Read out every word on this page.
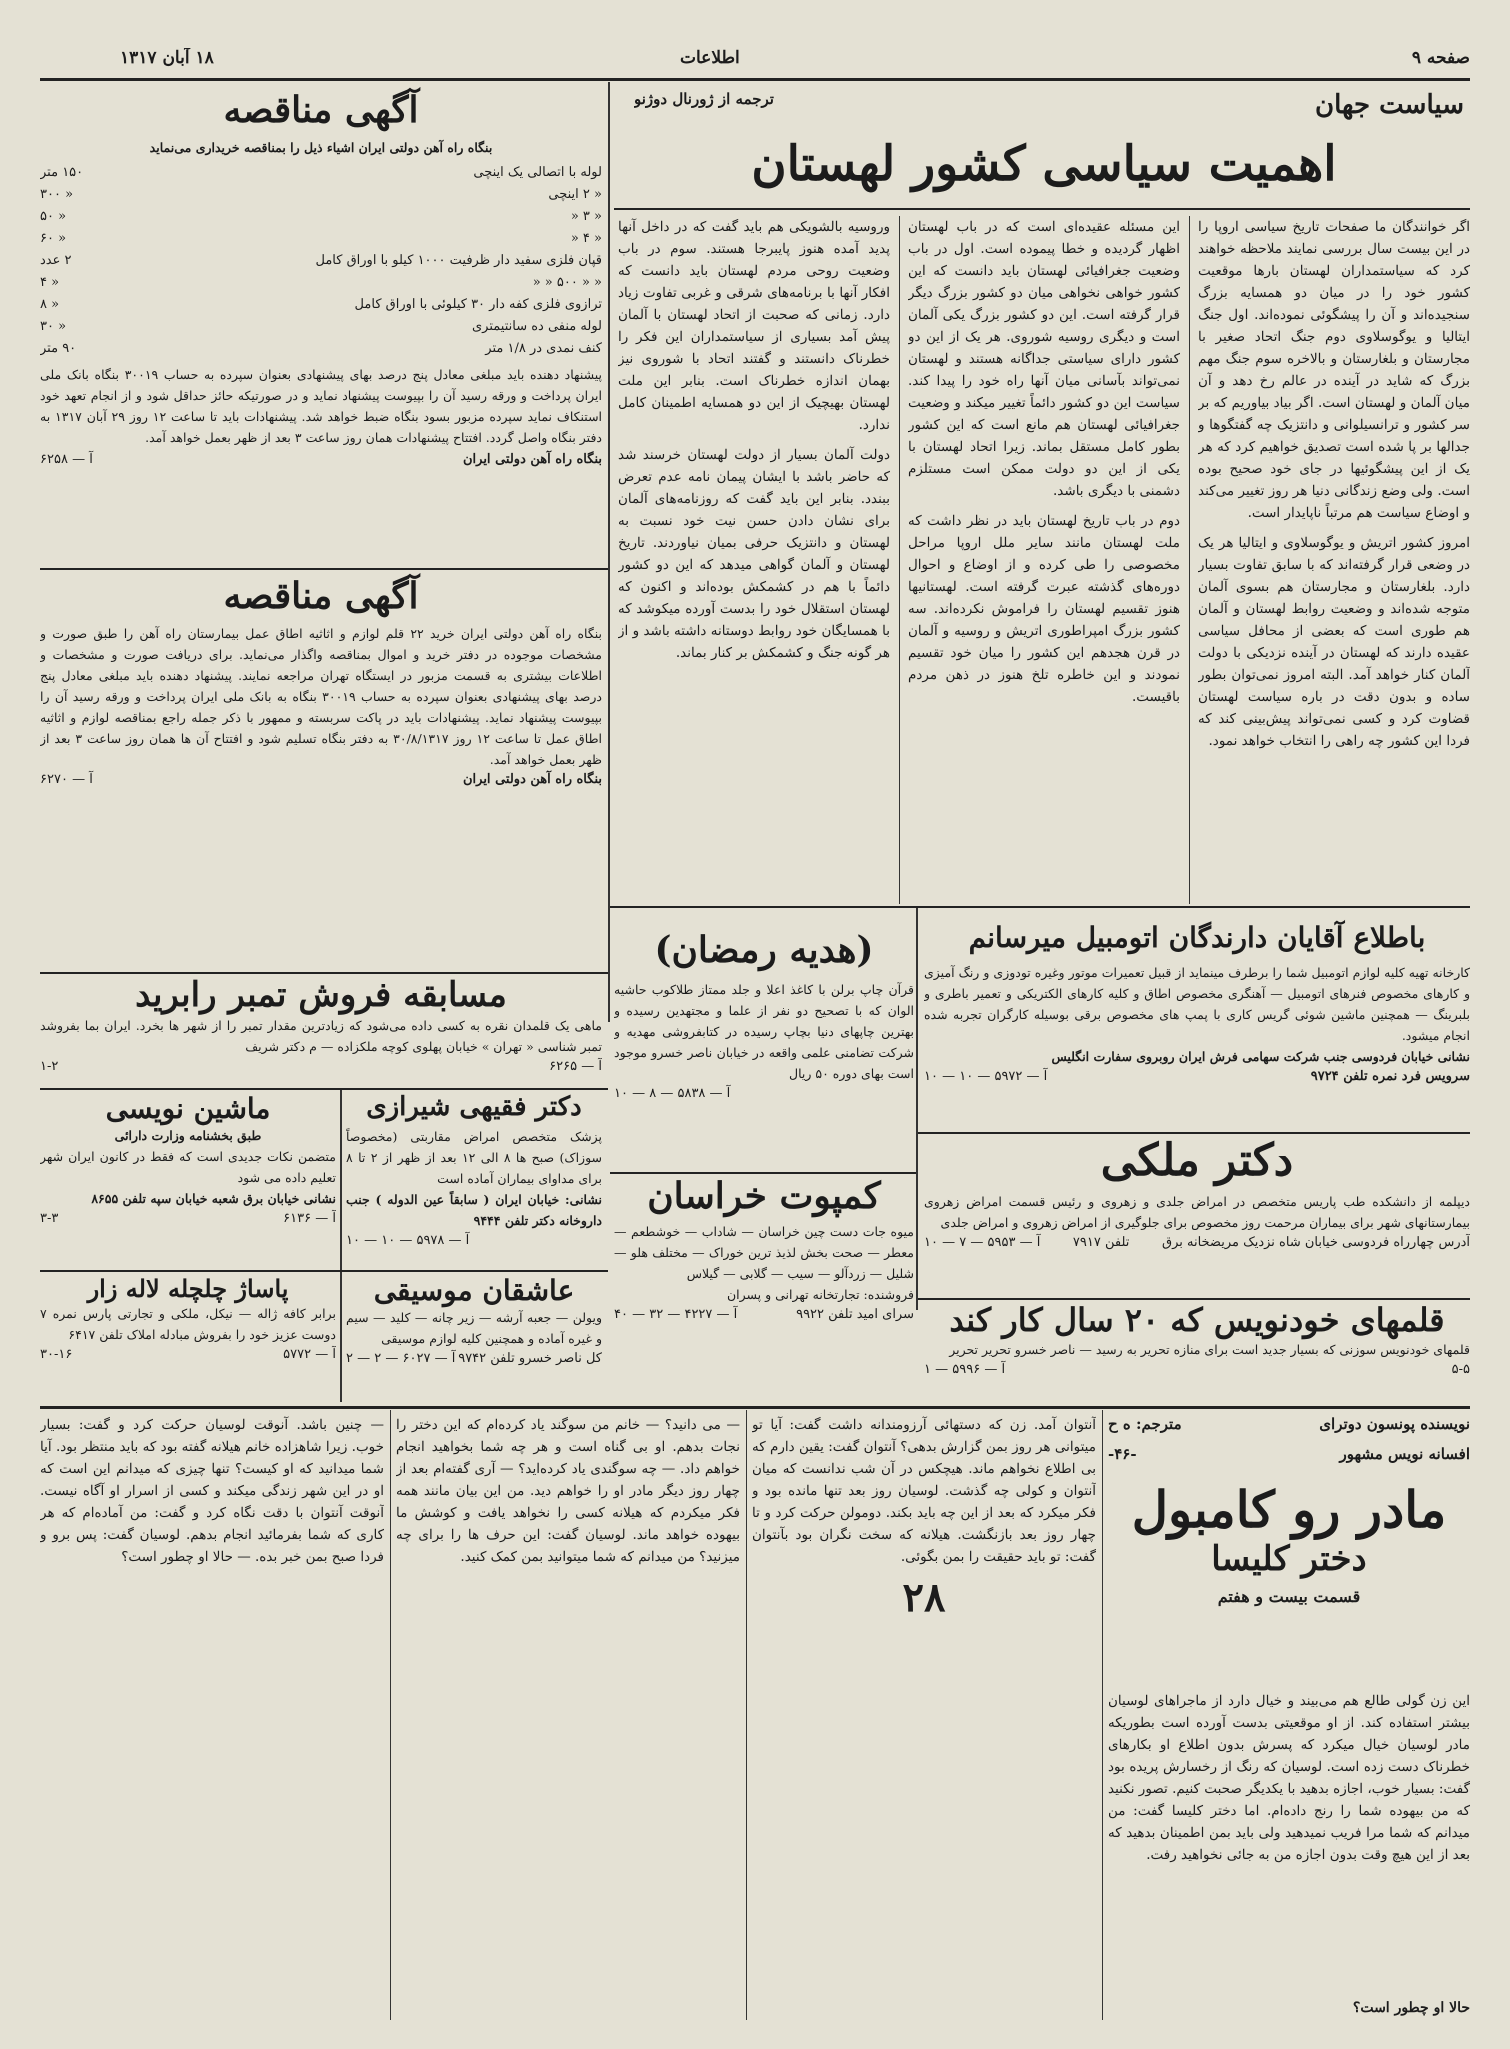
صفحه ۹
اطلاعات
۱۸ آبان ۱۳۱۷
سیاست جهان
ترجمه از ژورنال دوژنو
اهمیت سیاسی کشور لهستان

اگر خوانندگان ما صفحات تاریخ سیاسی اروپا را در این بیست سال بررسی نمایند ملاحظه خواهند کرد که سیاستمداران لهستان بارها موقعیت کشور خود را در میان دو همسایه بزرگ سنجیده‌اند و آن را پیشگوئی نموده‌اند. اول جنگ ایتالیا و یوگوسلاوی دوم جنگ اتحاد صغیر با مجارستان و بلغارستان و بالاخره سوم جنگ مهم بزرگ که شاید در آینده در عالم رخ دهد و آن میان آلمان و لهستان است. اگر بیاد بیاوریم که بر سر کشور و ترانسیلوانی و دانتزیک چه گفتگوها و جدالها بر پا شده است تصدیق خواهیم کرد که هر یک از این پیشگوئیها در جای خود صحیح بوده است. ولی وضع زندگانی دنیا هر روز تغییر می‌کند و اوضاع سیاست هم مرتباً ناپایدار است.

امروز کشور اتریش و یوگوسلاوی و ایتالیا هر یک در وضعی قرار گرفته‌اند که با سابق تفاوت بسیار دارد. بلغارستان و مجارستان هم بسوی آلمان متوجه شده‌اند و وضعیت روابط لهستان و آلمان هم طوری است که بعضی از محافل سیاسی عقیده دارند که لهستان در آینده نزدیکی با دولت آلمان کنار خواهد آمد. البته امروز نمی‌توان بطور ساده و بدون دقت در باره سیاست لهستان قضاوت کرد و کسی نمی‌تواند پیش‌بینی کند که فردا این کشور چه راهی را انتخاب خواهد نمود.

این مسئله عقیده‌ای است که در باب لهستان اظهار گردیده و خطا پیموده است. اول در باب وضعیت جغرافیائی لهستان باید دانست که این کشور خواهی نخواهی میان دو کشور بزرگ دیگر قرار گرفته است. این دو کشور بزرگ یکی آلمان است و دیگری روسیه شوروی. هر یک از این دو کشور دارای سیاستی جداگانه هستند و لهستان نمی‌تواند بآسانی میان آنها راه خود را پیدا کند. سیاست این دو کشور دائماً تغییر میکند و وضعیت جغرافیائی لهستان هم مانع است که این کشور بطور کامل مستقل بماند. زیرا اتحاد لهستان با یکی از این دو دولت ممکن است مستلزم دشمنی با دیگری باشد.

دوم در باب تاریخ لهستان باید در نظر داشت که ملت لهستان مانند سایر ملل اروپا مراحل مخصوصی را طی کرده و از اوضاع و احوال دوره‌های گذشته عبرت گرفته است. لهستانیها هنوز تقسیم لهستان را فراموش نکرده‌اند. سه کشور بزرگ امپراطوری اتریش و روسیه و آلمان در قرن هجدهم این کشور را میان خود تقسیم نمودند و این خاطره تلخ هنوز در ذهن مردم باقیست.

وروسیه بالشویکی هم باید گفت که در داخل آنها پدید آمده هنوز پایبرجا هستند. سوم در باب وضعیت روحی مردم لهستان باید دانست که افکار آنها با برنامه‌های شرقی و غربی تفاوت زیاد دارد. زمانی که صحبت از اتحاد لهستان با آلمان پیش آمد بسیاری از سیاستمداران این فکر را خطرناک دانستند و گفتند اتحاد با شوروی نیز بهمان اندازه خطرناک است. بنابر این ملت لهستان بهیچیک از این دو همسایه اطمینان کامل ندارد.

دولت آلمان بسیار از دولت لهستان خرسند شد که حاضر باشد با ایشان پیمان نامه عدم تعرض ببندد. بنابر این باید گفت که روزنامه‌های آلمان برای نشان دادن حسن نیت خود نسبت به لهستان و دانتزیک حرفی بمیان نیاوردند. تاریخ لهستان و آلمان گواهی میدهد که این دو کشور دائماً با هم در کشمکش بوده‌اند و اکنون که لهستان استقلال خود را بدست آورده میکوشد که با همسایگان خود روابط دوستانه داشته باشد و از هر گونه جنگ و کشمکش بر کنار بماند.

آگهی مناقصه

بنگاه راه آهن دولتی ایران اشیاء ذیل را بمناقصه خریداری می‌نماید

لوله با اتصالی یک اینچی
۱۵۰ متر
« ۲ اینچی
« ۳۰۰
« ۳ «
« ۵۰
« ۴ «
« ۶۰
قپان فلزی سفید دار ظرفیت ۱۰۰۰ کیلو با اوراق کامل
۲ عدد
« « ۵۰۰ « «
« ۴
ترازوی فلزی کفه دار ۳۰ کیلوئی با اوراق کامل
« ۸
لوله منفی ده سانتیمتری
« ۳۰
کنف نمدی در ۱/۸ متر
۹۰ متر

پیشنهاد دهنده باید مبلغی معادل پنج درصد بهای پیشنهادی بعنوان سپرده به حساب ۳۰۰۱۹ بنگاه بانک ملی ایران پرداخت و ورقه رسید آن را بپیوست پیشنهاد نماید و در صورتیکه حائز حداقل شود و از انجام تعهد خود استنکاف نماید سپرده مزبور بسود بنگاه ضبط خواهد شد. پیشنهادات باید تا ساعت ۱۲ روز ۲۹ آبان ۱۳۱۷ به دفتر بنگاه واصل گردد. افتتاح پیشنهادات همان روز ساعت ۳ بعد از ظهر بعمل خواهد آمد.

بنگاه راه آهن دولتی ایران
آ — ۶۲۵۸
آگهی مناقصه

بنگاه راه آهن دولتی ایران خرید ۲۲ قلم لوازم و اثاثیه اطاق عمل بیمارستان راه آهن را طبق صورت و مشخصات موجوده در دفتر خرید و اموال بمناقصه واگذار می‌نماید. برای دریافت صورت و مشخصات و اطلاعات بیشتری به قسمت مزبور در ایستگاه تهران مراجعه نمایند. پیشنهاد دهنده باید مبلغی معادل پنج درصد بهای پیشنهادی بعنوان سپرده به حساب ۳۰۰۱۹ بنگاه به بانک ملی ایران پرداخت و ورقه رسید آن را بپیوست پیشنهاد نماید. پیشنهادات باید در پاکت سربسته و ممهور با ذکر جمله راجع بمناقصه لوازم و اثاثیه اطاق عمل تا ساعت ۱۲ روز ۳۰/۸/۱۳۱۷ به دفتر بنگاه تسلیم شود و افتتاح آن ها همان روز ساعت ۳ بعد از ظهر بعمل خواهد آمد.

بنگاه راه آهن دولتی ایران
آ — ۶۲۷۰
مسابقه فروش تمبر رابرید

ماهی یک قلمدان نقره به کسی داده می‌شود که زیادترین مقدار تمبر را از شهر ها بخرد. ایران بما بفروشد تمبر شناسی « تهران » خیابان پهلوی کوچه ملکزاده — م دکتر شریف

آ — ۶۲۶۵
۱-۲
(هدیه رمضان)

قرآن چاپ برلن با کاغذ اعلا و جلد ممتاز طلاکوب حاشیه الوان که با تصحیح دو نفر از علما و مجتهدین رسیده و بهترین چاپهای دنیا بچاپ رسیده در کتابفروشی مهدیه و شرکت تضامنی علمی واقعه در خیابان ناصر خسرو موجود است بهای دوره ۵۰ ریال

آ — ۵۸۳۸ — ۸ — ۱۰
باطلاع آقایان دارندگان اتومبیل میرسانم

کارخانه تهیه کلیه لوازم اتومبیل شما را برطرف مینماید از قبیل تعمیرات موتور وغیره تودوزی و رنگ آمیزی و کارهای مخصوص فنرهای اتومبیل — آهنگری مخصوص اطاق و کلیه کارهای الکتریکی و تعمیر باطری و بلبرینگ — همچنین ماشین شوئی گریس کاری با پمپ های مخصوص برقی بوسیله کارگران تجربه شده انجام میشود.

نشانی خیابان فردوسی جنب شرکت سهامی فرش ایران روبروی سفارت انگلیس

سرویس فرد نمره تلفن ۹۷۲۴
آ — ۵۹۷۲ — ۱۰ — ۱۰
دکتر ملکی

دیپلمه از دانشکده طب پاریس متخصص در امراض جلدی و زهروی و رئیس قسمت امراض زهروی بیمارستانهای شهر برای بیماران مرحمت روز مخصوص برای جلوگیری از امراض زهروی و امراض جلدی

آدرس چهارراه فردوسی خیابان شاه نزدیک مریضخانه برق
تلفن ۷۹۱۷
آ — ۵۹۵۳ — ۷ — ۱۰
قلمهای خودنویس که ۲۰ سال کار کند

قلمهای خودنویس سوزنی که بسیار جدید است برای منازه تحریر به رسید — ناصر خسرو تحریر تحریر

۵-۵
آ — ۵۹۹۶ — ۱
کمپوت خراسان

میوه جات دست چین خراسان — شاداب — خوشطعم — معطر — صحت بخش لذیذ ترین خوراک — مختلف هلو — شلیل — زردآلو — سیب — گلابی — گیلاس

فروشنده: تجارتخانه تهرانی و پسران

سرای امید تلفن ۹۹۲۲
آ — ۴۲۲۷ — ۳۲ — ۴۰
دکتر فقیهی شیرازی

پزشک متخصص امراض مقاربتی (مخصوصاً سوزاک) صبح ها ۸ الی ۱۲ بعد از ظهر از ۲ تا ۸ برای مداوای بیماران آماده است

نشانی: خیابان ایران ( سابقاً عین الدوله ) جنب داروخانه دکتر تلفن ۹۴۴۴

آ — ۵۹۷۸ — ۱۰ — ۱۰
ماشین نویسی

طبق بخشنامه وزارت دارائی

متضمن نکات جدیدی است که فقط در کانون ایران شهر تعلیم داده می شود

نشانی خیابان برق شعبه خیابان سپه تلفن ۸۶۵۵

آ — ۶۱۳۶
۳-۳
عاشقان موسیقی

ویولن — جعبه آرشه — زیر چانه — کلید — سیم و غیره آماده و همچنین کلیه لوازم موسیقی

کل ناصر خسرو تلفن ۹۷۴۲
آ — ۶۰۲۷ — ۲ — ۲
پاساژ چلچله لاله زار

برابر کافه ژاله — نیکل، ملکی و تجارتی پارس نمره ۷ دوست عزیز خود را بفروش مبادله املاک تلفن ۶۴۱۷

آ — ۵۷۷۲
۳۰-۱۶
نویسنده پونسون دوترای
مترجم: ه ح
افسانه نویس مشهور
-۴۶-
مادر رو کامبول
دختر کلیسا
قسمت بیست و هفتم

این زن گولی طالع هم می‌بیند و خیال دارد از ماجراهای لوسیان بیشتر استفاده کند. از او موقعیتی بدست آورده است بطوریکه مادر لوسیان خیال میکرد که پسرش بدون اطلاع او بکارهای خطرناک دست زده است. لوسیان که رنگ از رخسارش پریده بود گفت: بسیار خوب، اجازه بدهید با یکدیگر صحبت کنیم. تصور نکنید که من بیهوده شما را رنج داده‌ام. اما دختر کلیسا گفت: من میدانم که شما مرا فریب نمیدهید ولی باید بمن اطمینان بدهید که بعد از این هیچ وقت بدون اجازه من به جائی نخواهید رفت.

حالا او چطور است؟

آنتوان آمد. زن که دستهائی آرزومندانه داشت گفت: آیا تو میتوانی هر روز بمن گزارش بدهی؟ آنتوان گفت: یقین دارم که بی اطلاع نخواهم ماند. هیچکس در آن شب ندانست که میان آنتوان و کولی چه گذشت. لوسیان روز بعد تنها مانده بود و فکر میکرد که بعد از این چه باید بکند. دومولن حرکت کرد و تا چهار روز بعد بازنگشت. هیلانه که سخت نگران بود بآنتوان گفت: تو باید حقیقت را بمن بگوئی.

۲۸

— می دانید؟ — خانم من سوگند یاد کرده‌ام که این دختر را نجات بدهم. او بی گناه است و هر چه شما بخواهید انجام خواهم داد. — چه سوگندی یاد کرده‌اید؟ — آری گفته‌ام بعد از چهار روز دیگر مادر او را خواهم دید. من این بیان مانند همه فکر میکردم که هیلانه کسی را نخواهد یافت و کوشش ما بیهوده خواهد ماند. لوسیان گفت: این حرف ها را برای چه میزنید؟ من میدانم که شما میتوانید بمن کمک کنید.

— چنین باشد. آنوقت لوسیان حرکت کرد و گفت: بسیار خوب. زیرا شاهزاده خانم هیلانه گفته بود که باید منتظر بود. آیا شما میدانید که او کیست؟ تنها چیزی که میدانم این است که او در این شهر زندگی میکند و کسی از اسرار او آگاه نیست. آنوقت آنتوان با دقت نگاه کرد و گفت: من آماده‌ام که هر کاری که شما بفرمائید انجام بدهم. لوسیان گفت: پس برو و فردا صبح بمن خبر بده. — حالا او چطور است؟
